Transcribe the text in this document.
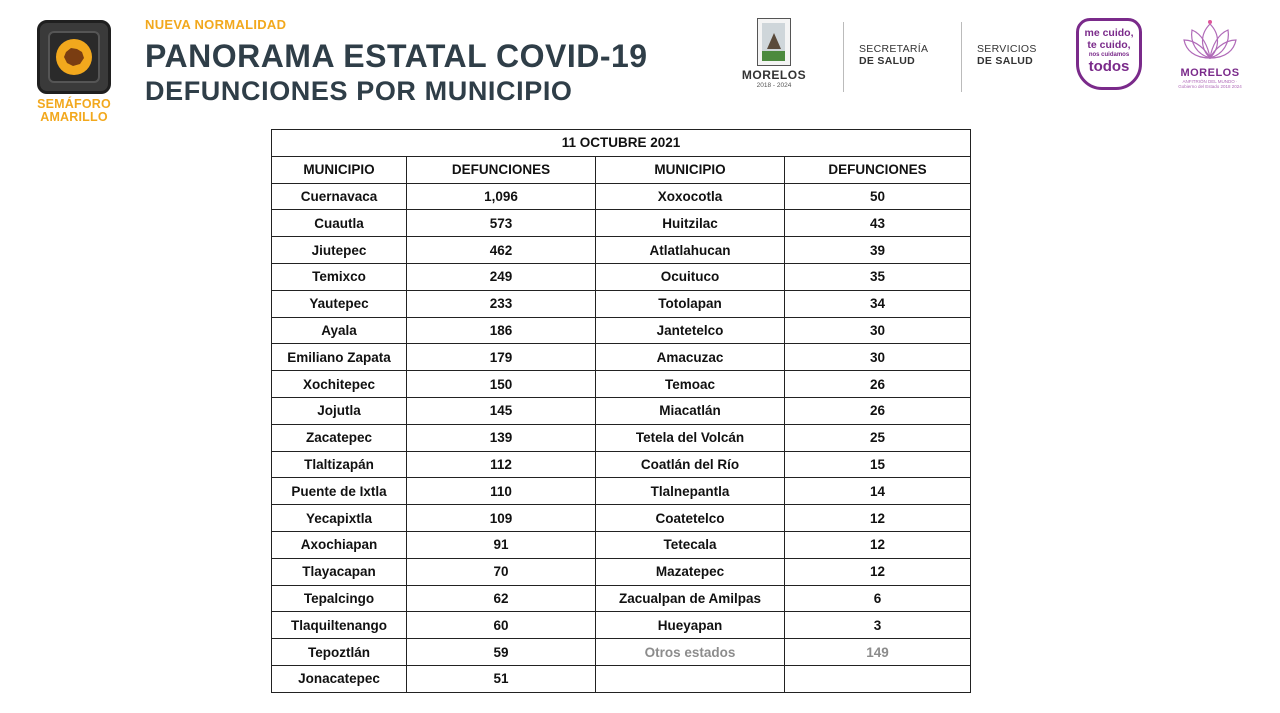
SEMÁFORO
AMARILLO
NUEVA NORMALIDAD
PANORAMA ESTATAL COVID-19
DEFUNCIONES POR MUNICIPIO
MORELOS
2018 - 2024
SECRETARÍA
DE SALUD
SERVICIOS
DE SALUD
me cuido,
te cuido,
nos cuidamos
todos	MORELOS
ANFITRIÓN DEL MUNDO · Gobierno del Estado 2018 2024
11 OCTUBRE 2021			
MUNICIPIO	DEFUNCIONES	MUNICIPIO	DEFUNCIONES
Cuernavaca	1,096	Xoxocotla	50
Cuautla	573	Huitzilac	43
Jiutepec	462	Atlatlahucan	39
Temixco	249	Ocuituco	35
Yautepec	233	Totolapan	34
Ayala	186	Jantetelco	30
Emiliano Zapata	179	Amacuzac	30
Xochitepec	150	Temoac	26
Jojutla	145	Miacatlán	26
Zacatepec	139	Tetela del Volcán	25
Tlaltizapán	112	Coatlán del Río	15
Puente de Ixtla	110	Tlalnepantla	14
Yecapixtla	109	Coatetelco	12
Axochiapan	91	Tetecala	12
Tlayacapan	70	Mazatepec	12
Tepalcingo	62	Zacualpan de Amilpas	6
Tlaquiltenango	60	Hueyapan	3
Tepoztlán	59	Otros estados	149
Jonacatepec	51		
